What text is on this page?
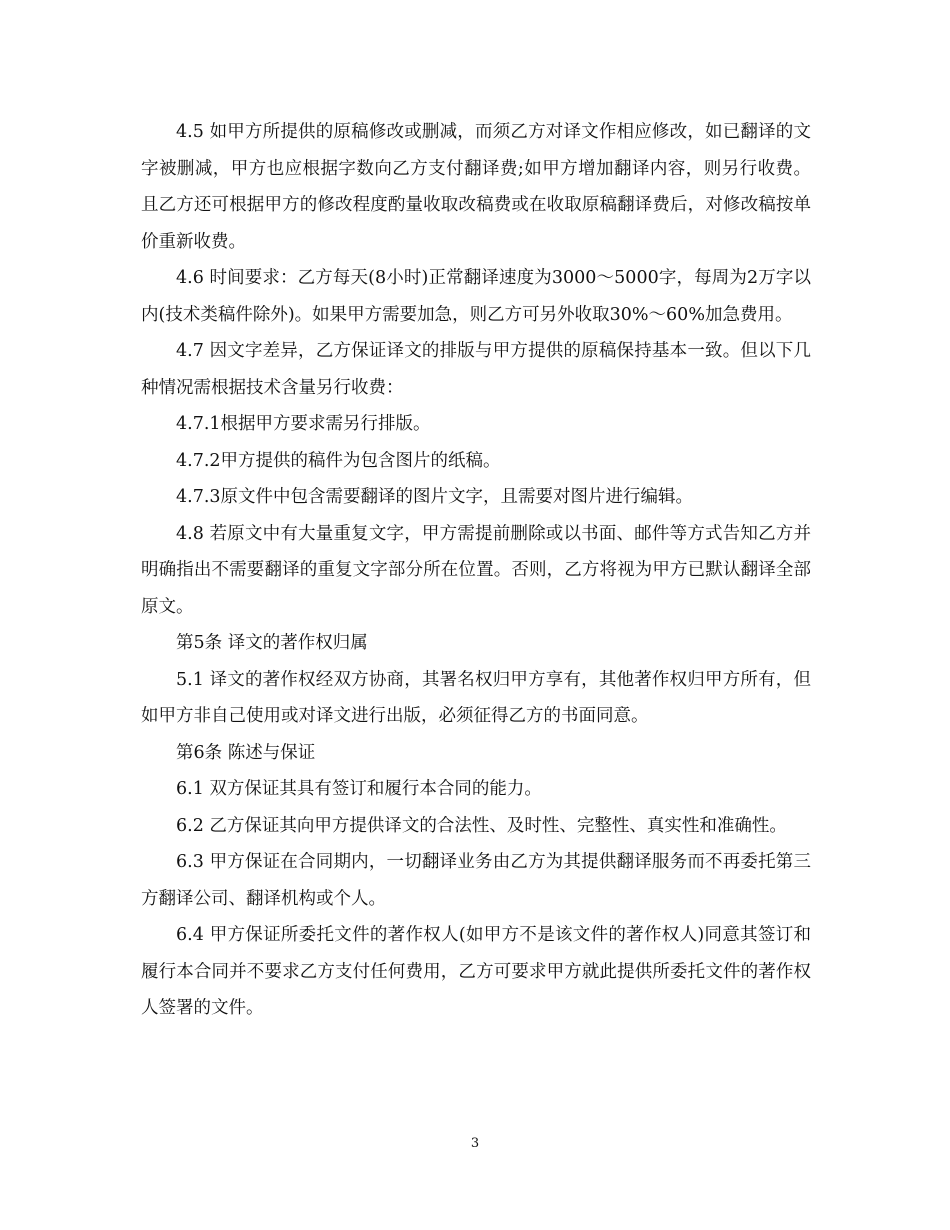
4.5 如甲方所提供的原稿修改或删减，而须乙方对译文作相应修改，如已翻译的文字被删减，甲方也应根据字数向乙方支付翻译费;如甲方增加翻译内容，则另行收费。且乙方还可根据甲方的修改程度酌量收取改稿费或在收取原稿翻译费后，对修改稿按单价重新收费。

4.6 时间要求：乙方每天(8小时)正常翻译速度为3000～5000字，每周为2万字以内(技术类稿件除外)。如果甲方需要加急，则乙方可另外收取30%～60%加急费用。

4.7 因文字差异，乙方保证译文的排版与甲方提供的原稿保持基本一致。但以下几种情况需根据技术含量另行收费：

4.7.1根据甲方要求需另行排版。

4.7.2甲方提供的稿件为包含图片的纸稿。

4.7.3原文件中包含需要翻译的图片文字，且需要对图片进行编辑。

4.8 若原文中有大量重复文字，甲方需提前删除或以书面、邮件等方式告知乙方并明确指出不需要翻译的重复文字部分所在位置。否则，乙方将视为甲方已默认翻译全部原文。

第5条 译文的著作权归属

5.1 译文的著作权经双方协商，其署名权归甲方享有，其他著作权归甲方所有，但如甲方非自己使用或对译文进行出版，必须征得乙方的书面同意。

第6条 陈述与保证

6.1 双方保证其具有签订和履行本合同的能力。

6.2 乙方保证其向甲方提供译文的合法性、及时性、完整性、真实性和准确性。

6.3 甲方保证在合同期内，一切翻译业务由乙方为其提供翻译服务而不再委托第三方翻译公司、翻译机构或个人。

6.4 甲方保证所委托文件的著作权人(如甲方不是该文件的著作权人)同意其签订和履行本合同并不要求乙方支付任何费用，乙方可要求甲方就此提供所委托文件的著作权人签署的文件。

3
